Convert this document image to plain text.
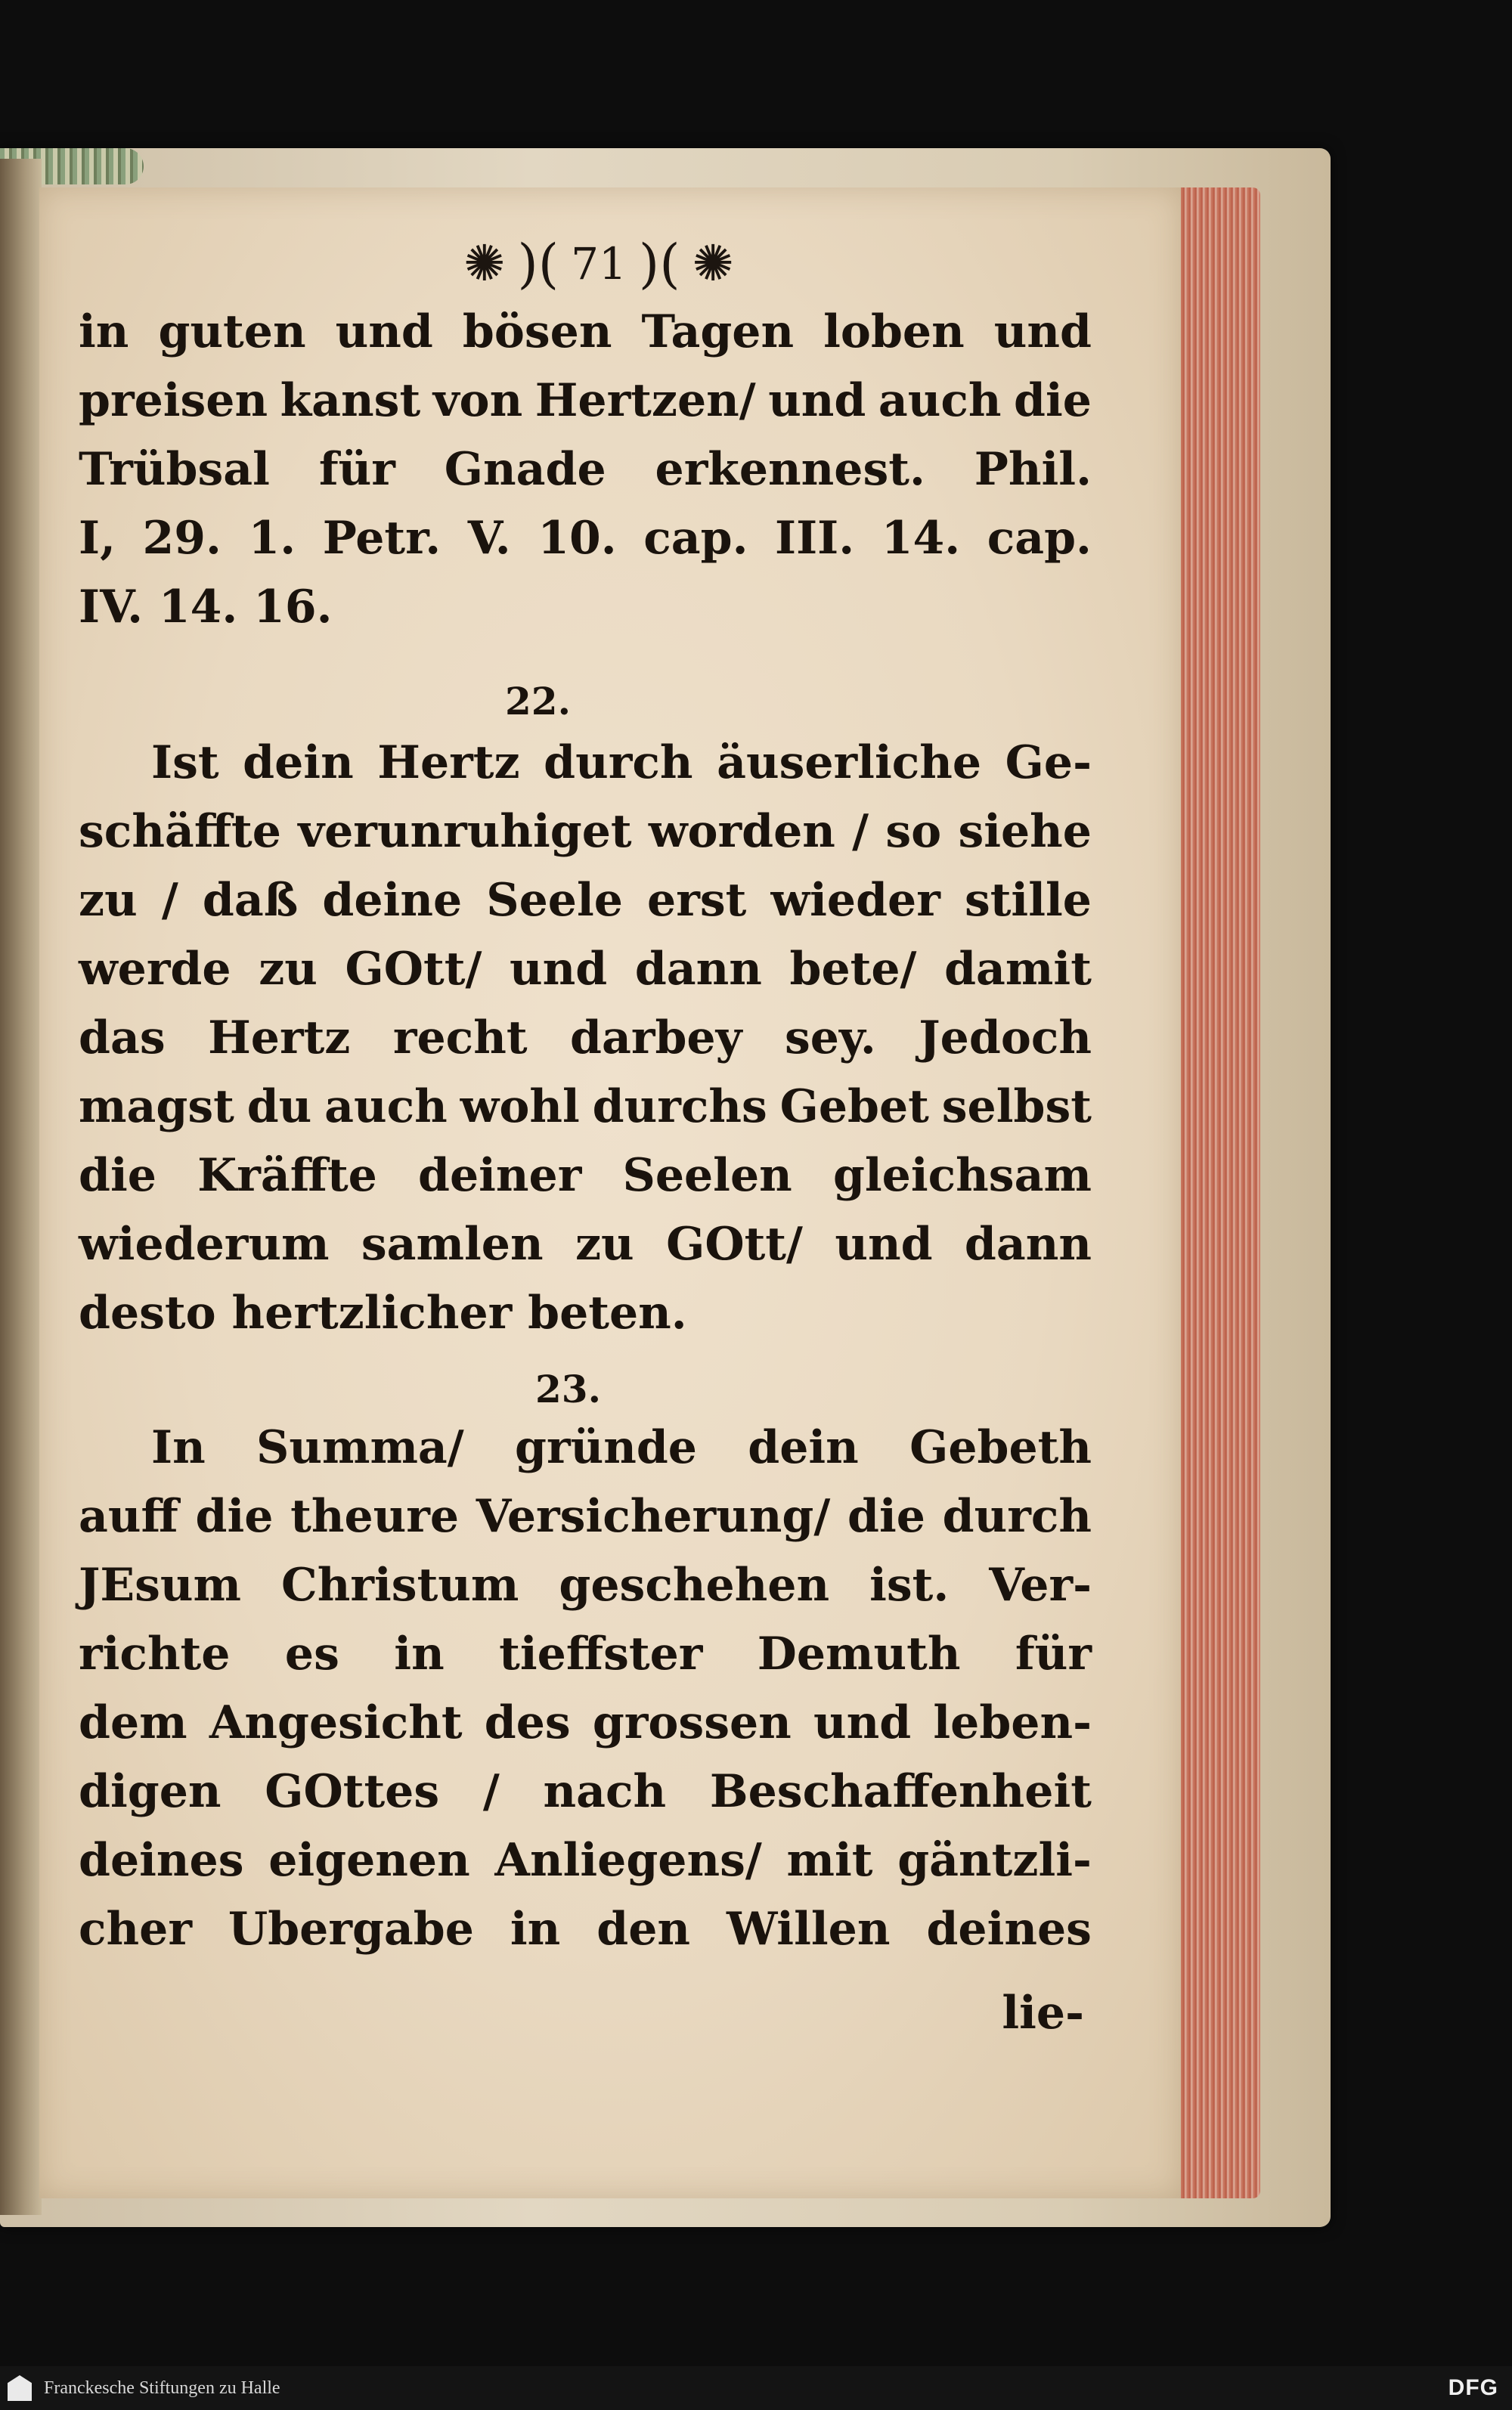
✺ )( 71 )( ✺
in guten und bösen Tagen loben und
preisen kanst von Hertzen/ und auch die
Trübsal für Gnade erkennest. Phil.
I, 29. 1. Petr. V. 10. cap. III. 14. cap.
IV. 14. 16.
22.
Ist dein Hertz durch äuserliche Ge-
schäffte verunruhiget worden / so siehe
zu / daß deine Seele erst wieder stille
werde zu GOtt/ und dann bete/ damit
das Hertz recht darbey sey. Jedoch
magst du auch wohl durchs Gebet selbst
die Kräffte deiner Seelen gleichsam
wiederum samlen zu GOtt/ und dann
desto hertzlicher beten.
23.
In Summa/ gründe dein Gebeth
auff die theure Versicherung/ die durch
JEsum Christum geschehen ist. Ver-
richte es in tieffster Demuth für
dem Angesicht des grossen und leben-
digen GOttes / nach Beschaffenheit
deines eigenen Anliegens/ mit gäntzli-
cher Ubergabe in den Willen deines
lie-
Franckesche Stiftungen zu Halle	DFG
